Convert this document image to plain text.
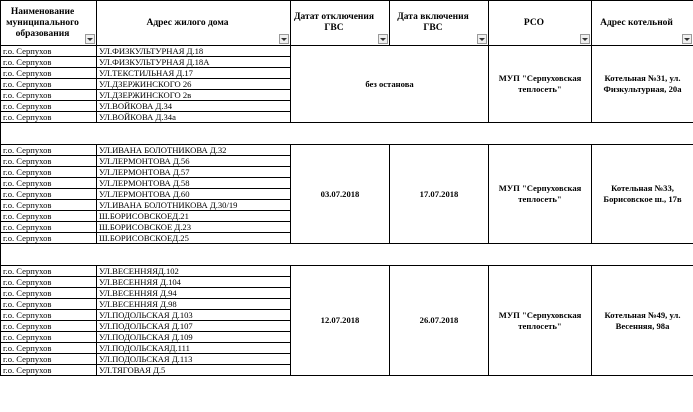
Наименование муниципального образования	Адрес жилого дома	Датат отключения ГВС	Дата включения ГВС	РСО	Адрес котельной

г.о. Серпухов	УЛ.ФИЗКУЛЬТУРНАЯ Д.18	без останова		МУП "Серпуховская теплосеть"	Котельная №31, ул. Физкультурная, 20а
г.о. Серпухов	УЛ.ФИЗКУЛЬТУРНАЯ Д.18А				
г.о. Серпухов	УЛ.ТЕКСТИЛЬНАЯ Д.17				
г.о. Серпухов	УЛ.ДЗЕРЖИНСКОГО 26				
г.о. Серпухов	УЛ.ДЗЕРЖИНСКОГО 2в				
г.о. Серпухов	УЛ.ВОЙКОВА Д.34				
г.о. Серпухов	УЛ.ВОЙКОВА Д.34а				

г.о. Серпухов	УЛ.ИВАНА БОЛОТНИКОВА Д.32	03.07.2018	17.07.2018	МУП "Серпуховская теплосеть"	Котельная №33, Борисовское ш., 17в
г.о. Серпухов	УЛ.ЛЕРМОНТОВА Д.56				
г.о. Серпухов	УЛ.ЛЕРМОНТОВА Д.57				
г.о. Серпухов	УЛ.ЛЕРМОНТОВА Д.58				
г.о. Серпухов	УЛ.ЛЕРМОНТОВА Д.60				
г.о. Серпухов	УЛ.ИВАНА БОЛОТНИКОВА Д.30/19				
г.о. Серпухов	Ш.БОРИСОВСКОЕД.21				
г.о. Серпухов	Ш.БОРИСОВСКОЕ Д.23				
г.о. Серпухов	Ш.БОРИСОВСКОЕД.25				

г.о. Серпухов	УЛ.ВЕСЕННЯЯД.102	12.07.2018	26.07.2018	МУП "Серпуховская теплосеть"	Котельная №49, ул. Весенняя, 98а
г.о. Серпухов	УЛ.ВЕСЕННЯЯ Д.104				
г.о. Серпухов	УЛ.ВЕСЕННЯЯ Д.94				
г.о. Серпухов	УЛ.ВЕСЕННЯЯ Д.98				
г.о. Серпухов	УЛ.ПОДОЛЬСКАЯ Д.103				
г.о. Серпухов	УЛ.ПОДОЛЬСКАЯ Д.107				
г.о. Серпухов	УЛ.ПОДОЛЬСКАЯ Д.109				
г.о. Серпухов	УЛ.ПОДОЛЬСКАЯД.111				
г.о. Серпухов	УЛ.ПОДОЛЬСКАЯ Д.113				
г.о. Серпухов	УЛ.ТЯГОВАЯ Д.5				
